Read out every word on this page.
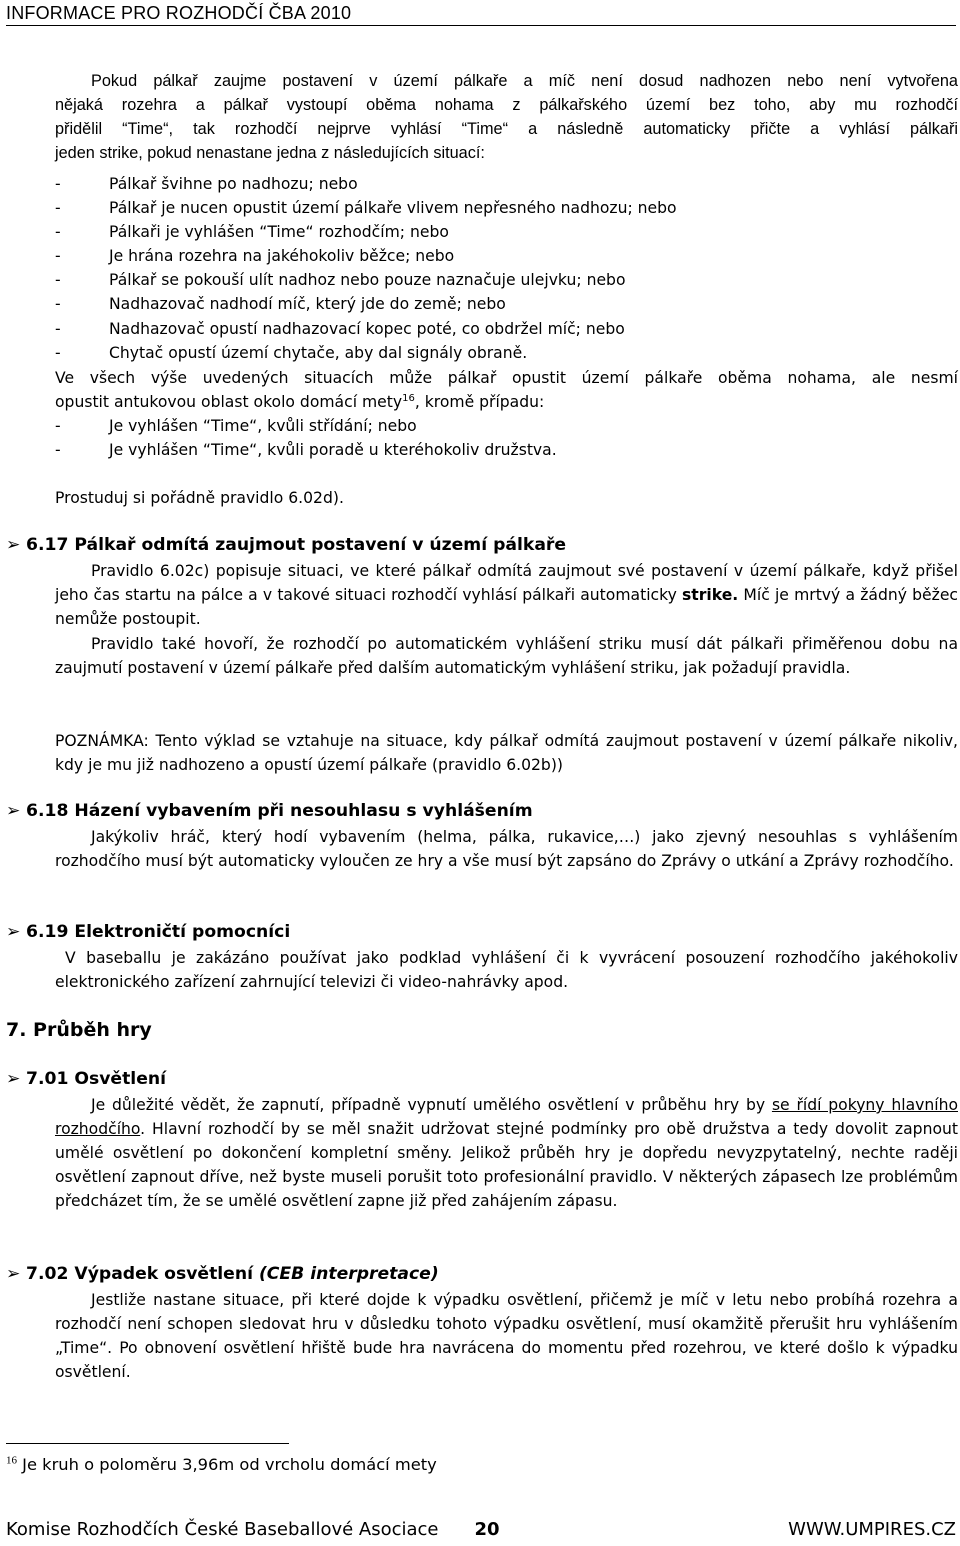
INFORMACE PRO ROZHODČÍ ČBA 2010
Pokud pálkař zaujme postavení v území pálkaře a míč není dosud nadhozen nebo není vytvořena
nějaká rozehra a pálkař vystoupí oběma nohama z pálkařského území bez toho, aby mu rozhodčí
přidělil “Time“, tak rozhodčí nejprve vyhlásí “Time“ a následně automaticky přičte a vyhlásí pálkaři
jeden strike, pokud nenastane jedna z následujících situací:
-	Pálkař švihne po nadhozu; nebo
-	Pálkař je nucen opustit území pálkaře vlivem nepřesného nadhozu; nebo
-	Pálkaři je vyhlášen “Time“ rozhodčím; nebo
-	Je hrána rozehra na jakéhokoliv běžce; nebo
-	Pálkař se pokouší ulít nadhoz nebo pouze naznačuje ulejvku; nebo
-	Nadhazovač nadhodí míč, který jde do země; nebo
-	Nadhazovač opustí nadhazovací kopec poté, co obdržel míč; nebo
-	Chytač opustí území chytače, aby dal signály obraně.
Ve všech výše uvedených situacích může pálkař opustit území pálkaře oběma nohama, ale nesmí
opustit antukovou oblast okolo domácí mety$^{16}$, kromě případu:
-	Je vyhlášen “Time“, kvůli střídání; nebo
-	Je vyhlášen “Time“, kvůli poradě u kteréhokoliv družstva.
Prostuduj si pořádně pravidlo 6.02d).
➢ 6.17 Pálkař odmítá zaujmout postavení v území pálkaře
Pravidlo 6.02c) popisuje situaci, ve které pálkař odmítá zaujmout své postavení v území pálkaře, když přišel jeho čas startu na pálce a v takové situaci rozhodčí vyhlásí pálkaři automaticky strike. Míč je mrtvý a žádný běžec nemůže postoupit.
Pravidlo také hovoří, že rozhodčí po automatickém vyhlášení striku musí dát pálkaři přiměřenou dobu na zaujmutí postavení v území pálkaře před dalším automatickým vyhlášení striku, jak požadují pravidla.
POZNÁMKA: Tento výklad se vztahuje na situace, kdy pálkař odmítá zaujmout postavení v území pálkaře nikoliv, kdy je mu již nadhozeno a opustí území pálkaře (pravidlo 6.02b))
➢ 6.18 Házení vybavením při nesouhlasu s vyhlášením
Jakýkoliv hráč, který hodí vybavením (helma, pálka, rukavice,…) jako zjevný nesouhlas s vyhlášením rozhodčího musí být automaticky vyloučen ze hry a vše musí být zapsáno do Zprávy o utkání a Zprávy rozhodčího.
➢ 6.19 Elektroničtí pomocníci
V baseballu je zakázáno používat jako podklad vyhlášení či k vyvrácení posouzení rozhodčího jakéhokoliv elektronického zařízení zahrnující televizi či video-nahrávky apod.
7. Průběh hry
➢ 7.01 Osvětlení
Je důležité vědět, že zapnutí, případně vypnutí umělého osvětlení v průběhu hry by se řídí pokyny hlavního rozhodčího. Hlavní rozhodčí by se měl snažit udržovat stejné podmínky pro obě družstva a tedy dovolit zapnout umělé osvětlení po dokončení kompletní směny. Jelikož průběh hry je dopředu nevyzpytatelný, nechte raději osvětlení zapnout dříve, než byste museli porušit toto profesionální pravidlo. V některých zápasech lze problémům předcházet tím, že se umělé osvětlení zapne již před zahájením zápasu.
➢ 7.02 Výpadek osvětlení (CEB interpretace)
Jestliže nastane situace, při které dojde k výpadku osvětlení, přičemž je míč v letu nebo probíhá rozehra a rozhodčí není schopen sledovat hru v důsledku tohoto výpadku osvětlení, musí okamžitě přerušit hru vyhlášením „Time“. Po obnovení osvětlení hřiště bude hra navrácena do momentu před rozehrou, ve které došlo k výpadku osvětlení.
$^{16}$ Je kruh o poloměru 3,96m od vrcholu domácí mety
Komise Rozhodčích České Baseballové Asociace 20	WWW.UMPIRES.CZ
